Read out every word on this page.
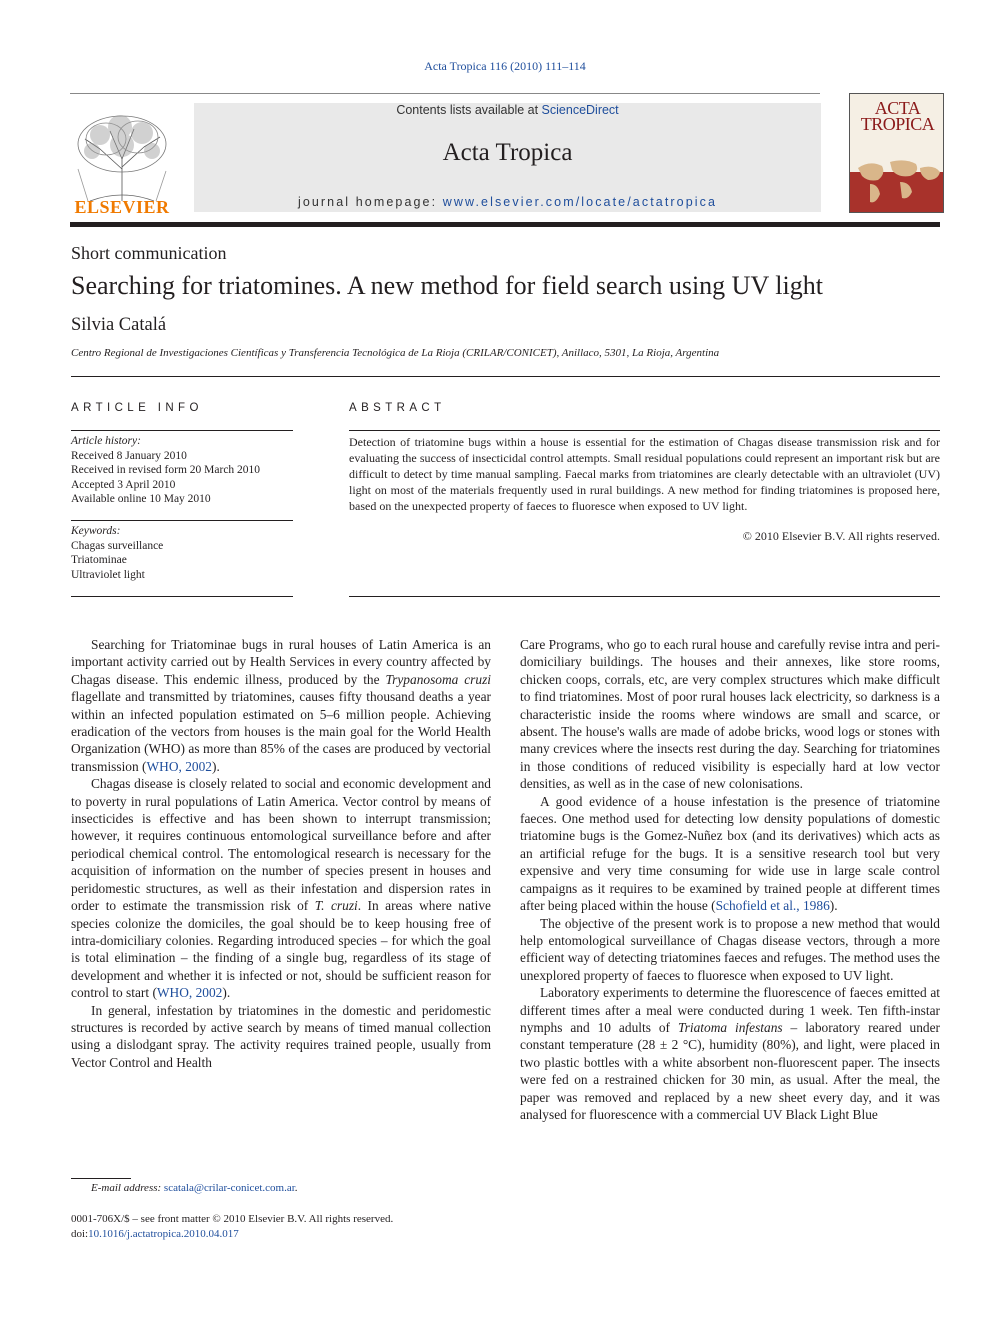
Acta Tropica 116 (2010) 111–114
ELSEVIER
Contents lists available at ScienceDirect
Acta Tropica
journal homepage: www.elsevier.com/locate/actatropica
ACTA
TROPICA
Short communication
Searching for triatomines. A new method for field search using UV light
Silvia Catalá
Centro Regional de Investigaciones Científicas y Transferencia Tecnológica de La Rioja (CRILAR/CONICET), Anillaco, 5301, La Rioja, Argentina
ARTICLE INFO	ABSTRACT
Article history:
Received 8 January 2010
Received in revised form 20 March 2010
Accepted 3 April 2010
Available online 10 May 2010
Keywords:
Chagas surveillance
Triatominae
Ultraviolet light
Detection of triatomine bugs within a house is essential for the estimation of Chagas disease transmission risk and for evaluating the success of insecticidal control attempts. Small residual populations could represent an important risk but are difficult to detect by time manual sampling. Faecal marks from triatomines are clearly detectable with an ultraviolet (UV) light on most of the materials frequently used in rural buildings. A new method for finding triatomines is proposed here, based on the unexpected property of faeces to fluoresce when exposed to UV light.
© 2010 Elsevier B.V. All rights reserved.

Searching for Triatominae bugs in rural houses of Latin America is an important activity carried out by Health Services in every country affected by Chagas disease. This endemic illness, produced by the Trypanosoma cruzi flagellate and transmitted by triatomines, causes fifty thousand deaths a year within an infected population estimated on 5–6 million people. Achieving eradication of the vectors from houses is the main goal for the World Health Organization (WHO) as more than 85% of the cases are produced by vectorial transmission (WHO, 2002).

Chagas disease is closely related to social and economic development and to poverty in rural populations of Latin America. Vector control by means of insecticides is effective and has been shown to interrupt transmission; however, it requires continuous entomological surveillance before and after periodical chemical control. The entomological research is necessary for the acquisition of information on the number of species present in houses and peridomestic structures, as well as their infestation and dispersion rates in order to estimate the transmission risk of T. cruzi. In areas where native species colonize the domiciles, the goal should be to keep housing free of intra-domiciliary colonies. Regarding introduced species – for which the goal is total elimination – the finding of a single bug, regardless of its stage of development and whether it is infected or not, should be sufficient reason for control to start (WHO, 2002).

In general, infestation by triatomines in the domestic and peridomestic structures is recorded by active search by means of timed manual collection using a dislodgant spray. The activity requires trained people, usually from Vector Control and Health

Care Programs, who go to each rural house and carefully revise intra and peri-domiciliary buildings. The houses and their annexes, like store rooms, chicken coops, corrals, etc, are very complex structures which make difficult to find triatomines. Most of poor rural houses lack electricity, so darkness is a characteristic inside the rooms where windows are small and scarce, or absent. The house's walls are made of adobe bricks, wood logs or stones with many crevices where the insects rest during the day. Searching for triatomines in those conditions of reduced visibility is especially hard at low vector densities, as well as in the case of new colonisations.

A good evidence of a house infestation is the presence of triatomine faeces. One method used for detecting low density populations of domestic triatomine bugs is the Gomez-Nuñez box (and its derivatives) which acts as an artificial refuge for the bugs. It is a sensitive research tool but very expensive and very time consuming for wide use in large scale control campaigns as it requires to be examined by trained people at different times after being placed within the house (Schofield et al., 1986).

The objective of the present work is to propose a new method that would help entomological surveillance of Chagas disease vectors, through a more efficient way of detecting triatomines faeces and refuges. The method uses the unexplored property of faeces to fluoresce when exposed to UV light.

Laboratory experiments to determine the fluorescence of faeces emitted at different times after a meal were conducted during 1 week. Ten fifth-instar nymphs and 10 adults of Triatoma infestans – laboratory reared under constant temperature (28 ± 2 °C), humidity (80%), and light, were placed in two plastic bottles with a white absorbent non-fluorescent paper. The insects were fed on a restrained chicken for 30 min, as usual. After the meal, the paper was removed and replaced by a new sheet every day, and it was analysed for fluorescence with a commercial UV Black Light Blue

E-mail address: scatala@crilar-conicet.com.ar.
0001-706X/$ – see front matter © 2010 Elsevier B.V. All rights reserved.
doi:10.1016/j.actatropica.2010.04.017
